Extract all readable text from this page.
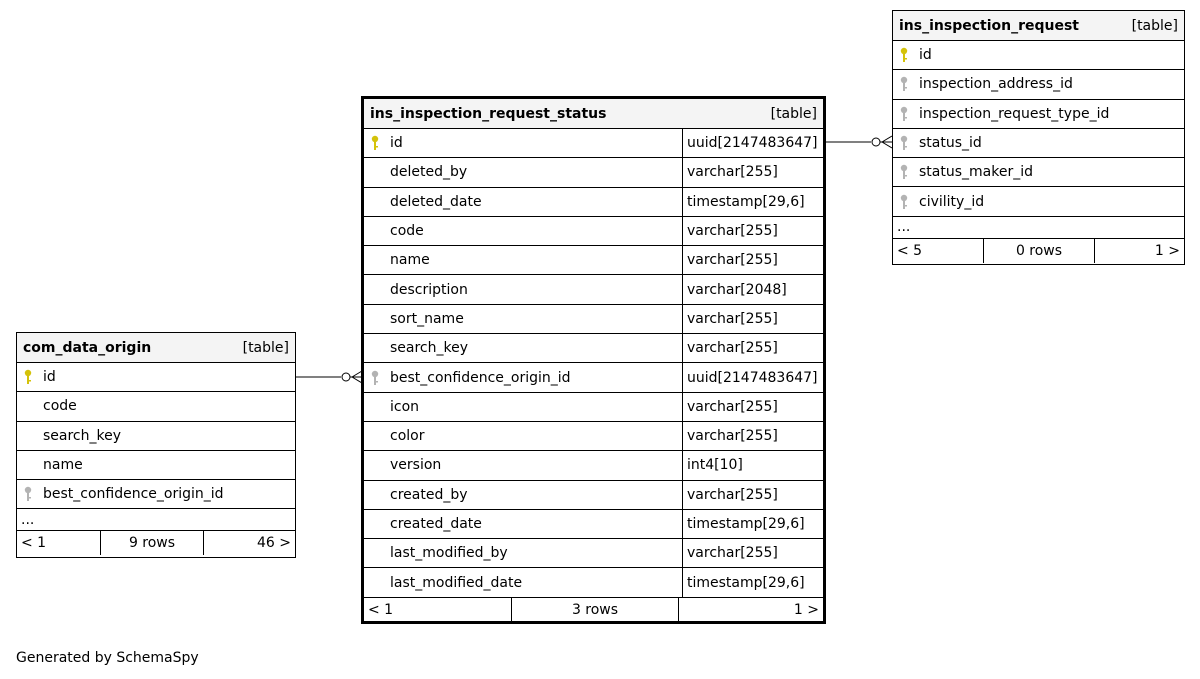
ins_inspection_request_status	[table]
id	uuid[2147483647]
deleted_by	varchar[255]
deleted_date	timestamp[29,6]
code	varchar[255]
name	varchar[255]
description	varchar[2048]
sort_name	varchar[255]
search_key	varchar[255]
best_confidence_origin_id	uuid[2147483647]
icon	varchar[255]
color	varchar[255]
version	int4[10]
created_by	varchar[255]
created_date	timestamp[29,6]
last_modified_by	varchar[255]
last_modified_date	timestamp[29,6]
< 1	3 rows	1 >
ins_inspection_request	[table]
id
inspection_address_id
inspection_request_type_id
status_id
status_maker_id
civility_id
...
< 5	0 rows	1 >
com_data_origin	[table]
id
code
search_key
name
best_confidence_origin_id
...
< 1	9 rows	46 >
Generated by SchemaSpy
